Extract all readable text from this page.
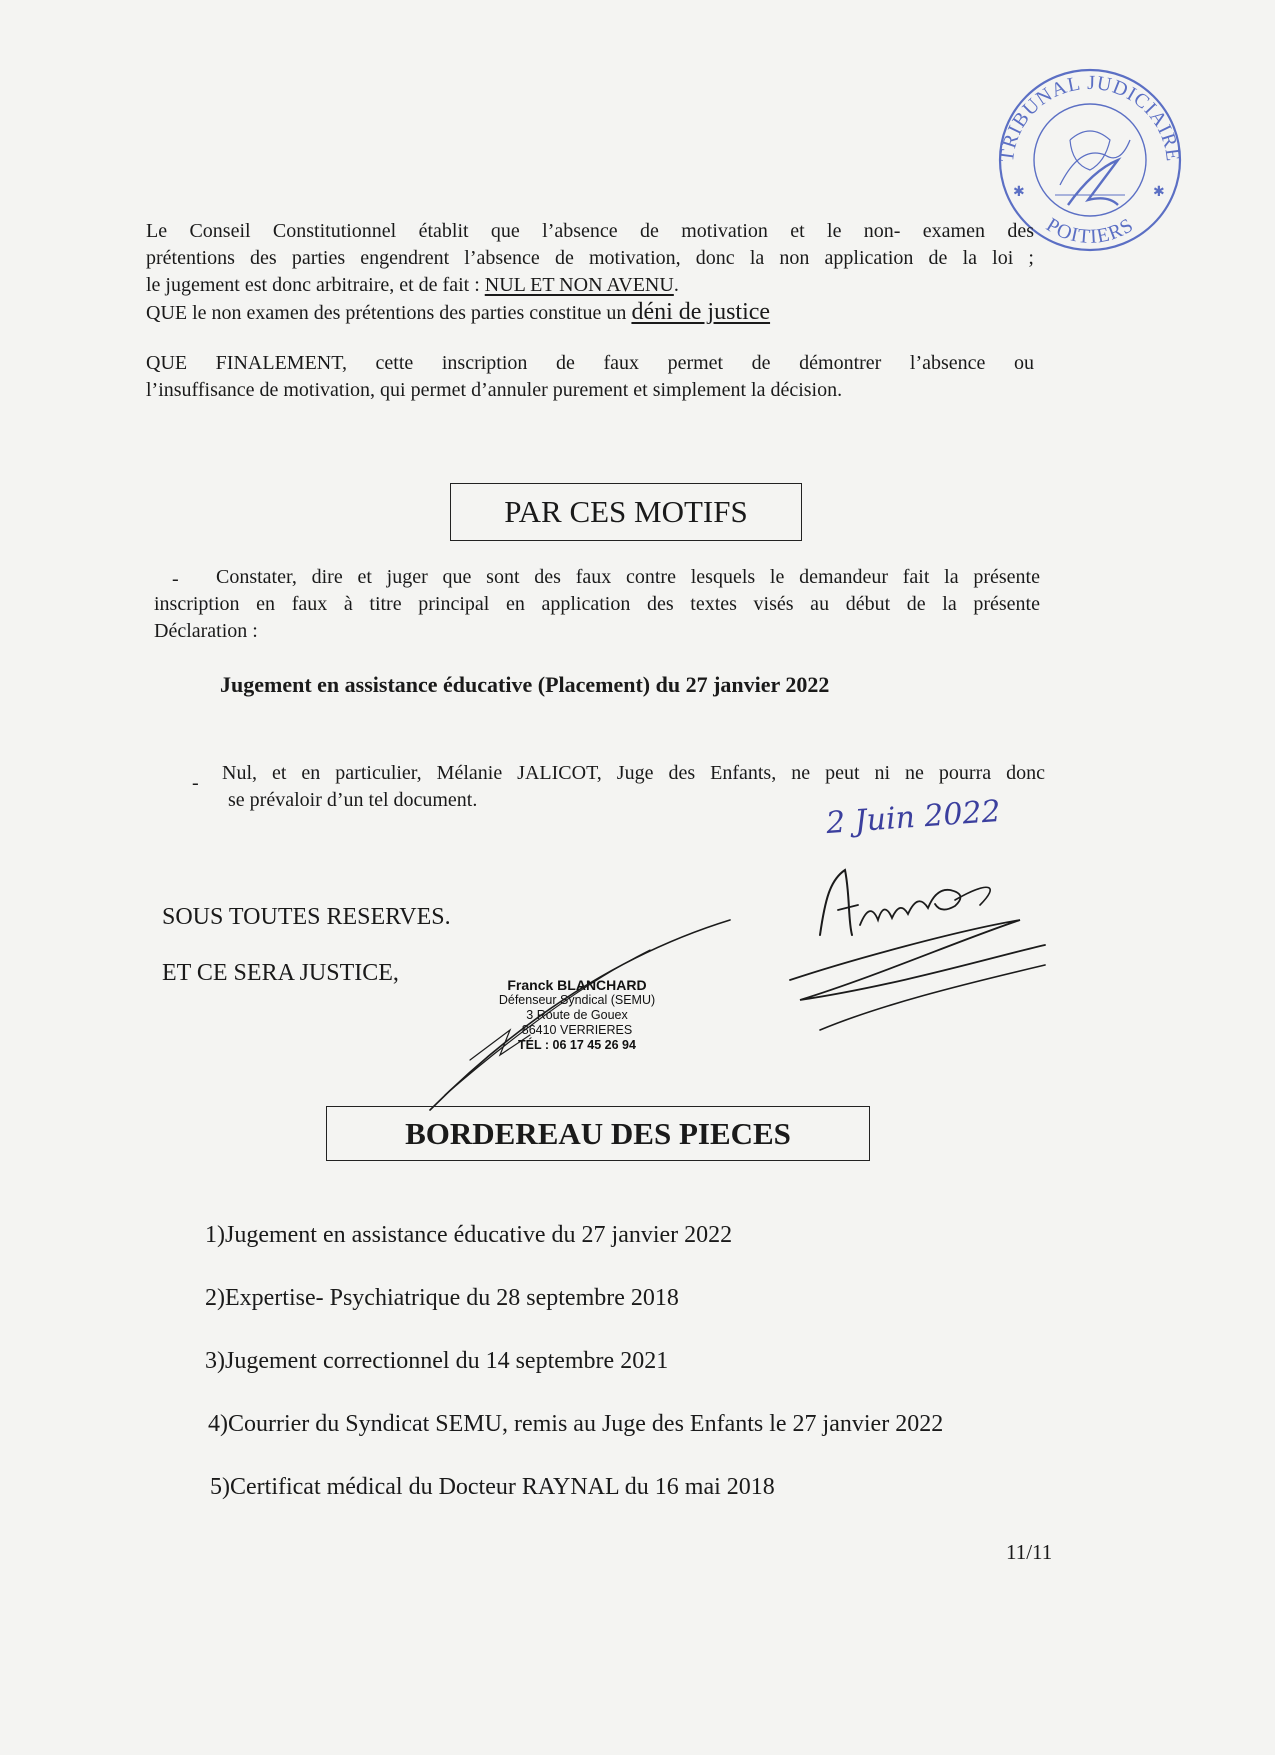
TRIBUNAL JUDICIAIRE
POITIERS
✱	✱
Le Conseil Constitutionnel établit que l’absence de motivation et le non- examen des
prétentions des parties engendrent l’absence de motivation, donc la non application de la loi ;
le jugement est donc arbitraire, et de fait : NUL ET NON AVENU.
QUE le non examen des prétentions des parties constitue un déni de justice
QUE FINALEMENT, cette inscription de faux permet de démontrer l’absence ou
l’insuffisance de motivation, qui permet d’annuler purement et simplement la décision.
PAR CES MOTIFS
-	Constater, dire et juger que sont des faux contre lesquels le demandeur fait la présente
inscription en faux à titre principal en application des textes visés au début de la présente
Déclaration :
Jugement en assistance éducative (Placement) du 27 janvier 2022
- Nul, et en particulier, Mélanie JALICOT, Juge des Enfants, ne peut ni ne pourra donc
se prévaloir d’un tel document.	2 Juin 2022
SOUS TOUTES RESERVES.
ET CE SERA JUSTICE,	Franck BLANCHARD
Défenseur Syndical (SEMU)
3 Route de Gouex
86410 VERRIERES
TÉL : 06 17 45 26 94
BORDEREAU DES PIECES
1)Jugement en assistance éducative du 27 janvier 2022
2)Expertise- Psychiatrique du 28 septembre 2018
3)Jugement correctionnel du 14 septembre 2021
4)Courrier du Syndicat SEMU, remis au Juge des Enfants le 27 janvier 2022
5)Certificat médical du Docteur RAYNAL du 16 mai 2018
11/11
